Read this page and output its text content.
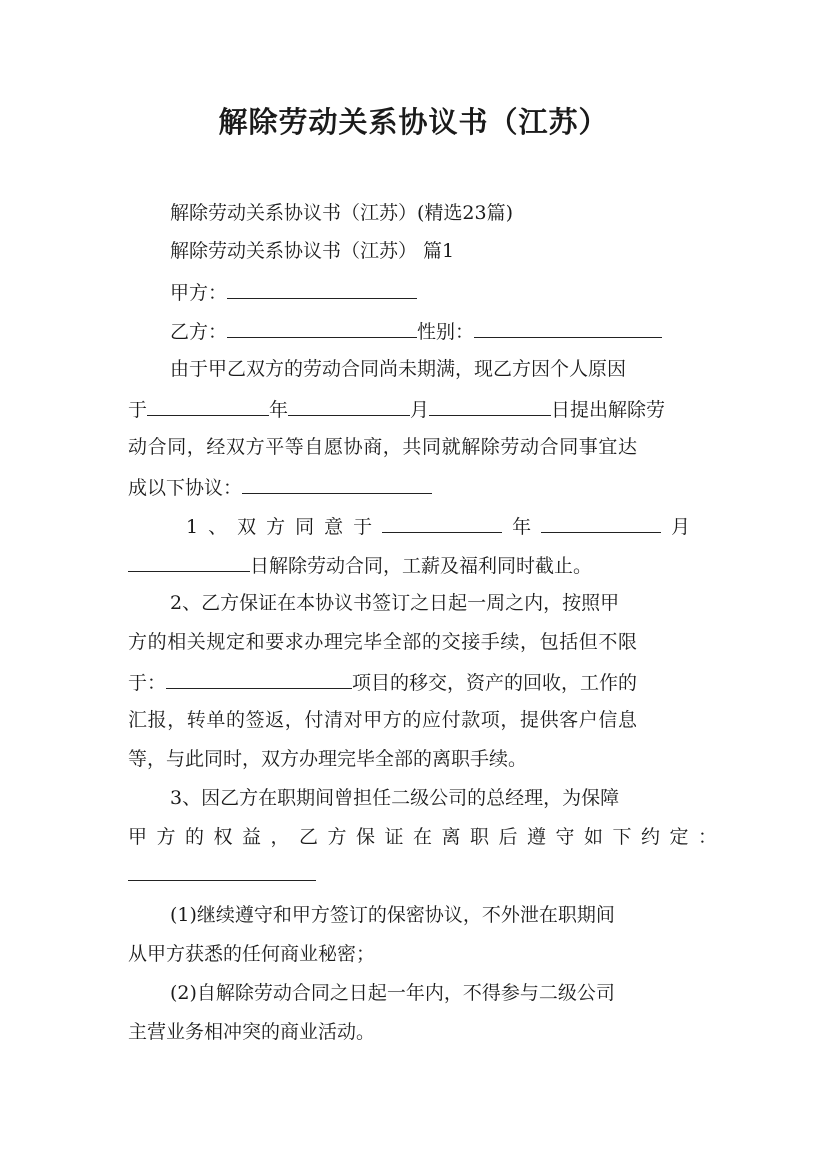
解除劳动关系协议书（江苏）
解除劳动关系协议书（江苏）(精选23篇)
解除劳动关系协议书（江苏） 篇1
甲方：
乙方：	性别：
由于甲乙双方的劳动合同尚未期满，现乙方因个人原因
于	年	月	日提出解除劳
动合同，经双方平等自愿协商，共同就解除劳动合同事宜达
成以下协议：
1、双方同意于	年	月
日解除劳动合同，工薪及福利同时截止。
2、乙方保证在本协议书签订之日起一周之内，按照甲
方的相关规定和要求办理完毕全部的交接手续，包括但不限
于：	项目的移交，资产的回收，工作的
汇报，转单的签返，付清对甲方的应付款项，提供客户信息
等，与此同时，双方办理完毕全部的离职手续。
3、因乙方在职期间曾担任二级公司的总经理，为保障
甲方的权益，乙方保证在离职后遵守如下约定：
(1)继续遵守和甲方签订的保密协议，不外泄在职期间
从甲方获悉的任何商业秘密；
(2)自解除劳动合同之日起一年内，不得参与二级公司
主营业务相冲突的商业活动。
